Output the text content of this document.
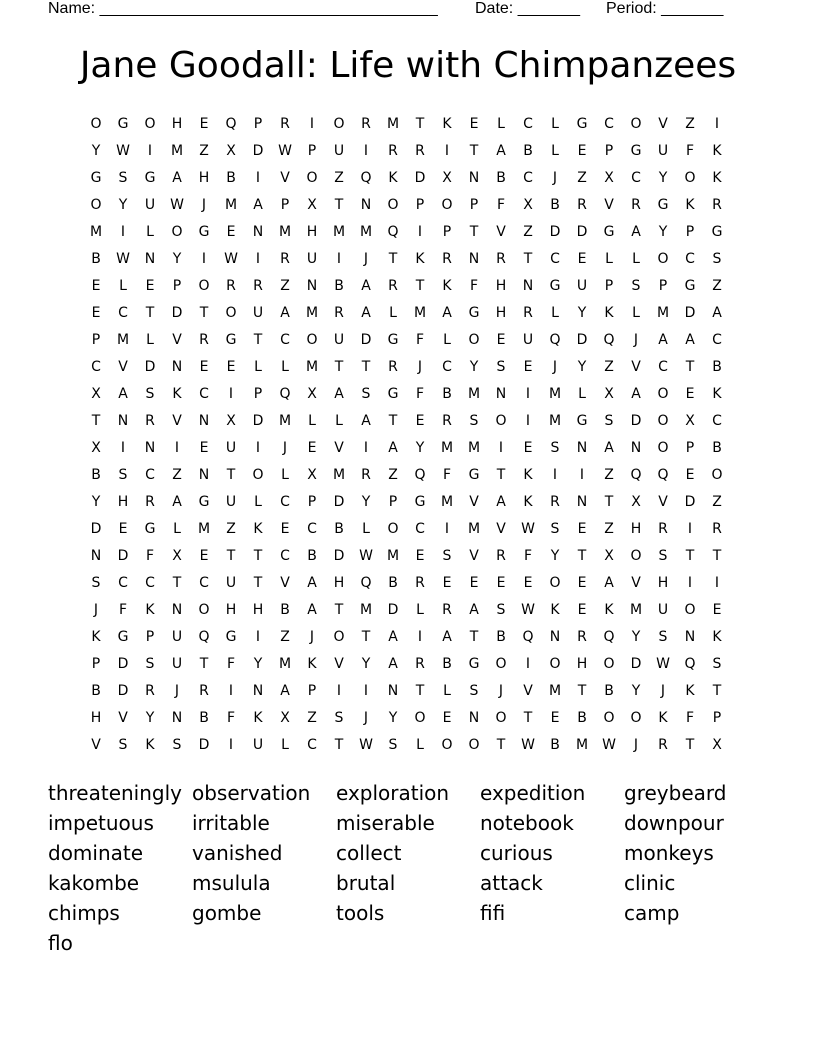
Name: ______________________________________ Date: _______ Period: _______
Jane Goodall: Life with Chimpanzees
O	G	O	H	E	Q	P	R	I	O	R	M	T	K	E	L	C	L	G	C	O	V	Z	I
Y	W	I	M	Z	X	D	W	P	U	I	R	R	I	T	A	B	L	E	P	G	U	F	K
G	S	G	A	H	B	I	V	O	Z	Q	K	D	X	N	B	C	J	Z	X	C	Y	O	K
O	Y	U	W	J	M	A	P	X	T	N	O	P	O	P	F	X	B	R	V	R	G	K	R
M	I	L	O	G	E	N	M	H	M	M	Q	I	P	T	V	Z	D	D	G	A	Y	P	G
B	W	N	Y	I	W	I	R	U	I	J	T	K	R	N	R	T	C	E	L	L	O	C	S
E	L	E	P	O	R	R	Z	N	B	A	R	T	K	F	H	N	G	U	P	S	P	G	Z
E	C	T	D	T	O	U	A	M	R	A	L	M	A	G	H	R	L	Y	K	L	M	D	A
P	M	L	V	R	G	T	C	O	U	D	G	F	L	O	E	U	Q	D	Q	J	A	A	C
C	V	D	N	E	E	L	L	M	T	T	R	J	C	Y	S	E	J	Y	Z	V	C	T	B
X	A	S	K	C	I	P	Q	X	A	S	G	F	B	M	N	I	M	L	X	A	O	E	K
T	N	R	V	N	X	D	M	L	L	A	T	E	R	S	O	I	M	G	S	D	O	X	C
X	I	N	I	E	U	I	J	E	V	I	A	Y	M	M	I	E	S	N	A	N	O	P	B
B	S	C	Z	N	T	O	L	X	M	R	Z	Q	F	G	T	K	I	I	Z	Q	Q	E	O
Y	H	R	A	G	U	L	C	P	D	Y	P	G	M	V	A	K	R	N	T	X	V	D	Z
D	E	G	L	M	Z	K	E	C	B	L	O	C	I	M	V	W	S	E	Z	H	R	I	R
N	D	F	X	E	T	T	C	B	D	W	M	E	S	V	R	F	Y	T	X	O	S	T	T
S	C	C	T	C	U	T	V	A	H	Q	B	R	E	E	E	E	O	E	A	V	H	I	I
J	F	K	N	O	H	H	B	A	T	M	D	L	R	A	S	W	K	E	K	M	U	O	E
K	G	P	U	Q	G	I	Z	J	O	T	A	I	A	T	B	Q	N	R	Q	Y	S	N	K
P	D	S	U	T	F	Y	M	K	V	Y	A	R	B	G	O	I	O	H	O	D	W	Q	S
B	D	R	J	R	I	N	A	P	I	I	N	T	L	S	J	V	M	T	B	Y	J	K	T
H	V	Y	N	B	F	K	X	Z	S	J	Y	O	E	N	O	T	E	B	O	O	K	F	P
V	S	K	S	D	I	U	L	C	T	W	S	L	O	O	T	W	B	M	W	J	R	T	X
threateningly observation exploration expedition greybeard
impetuous irritable	miserable notebook	downpour
dominate vanished	collect	curious	monkeys
kakombe	msulula	brutal	attack	clinic
chimps	gombe	tools	fifi	camp
flo
